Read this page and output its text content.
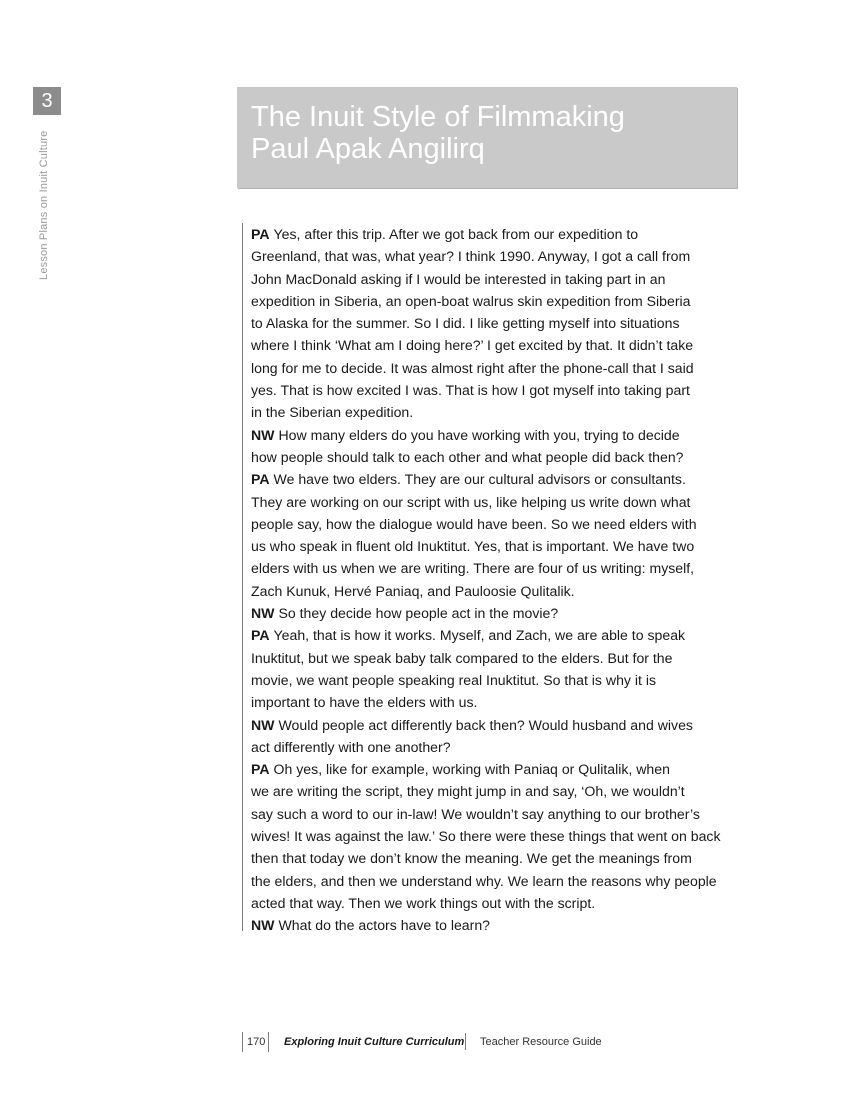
3
Lesson Plans on Inuit Culture
The Inuit Style of Filmmaking
Paul Apak Angilirq
PA Yes, after this trip. After we got back from our expedition to
Greenland, that was, what year? I think 1990. Anyway, I got a call from
John MacDonald asking if I would be interested in taking part in an
expedition in Siberia, an open-boat walrus skin expedition from Siberia
to Alaska for the summer. So I did. I like getting myself into situations
where I think ‘What am I doing here?’ I get excited by that. It didn’t take
long for me to decide. It was almost right after the phone-call that I said
yes. That is how excited I was. That is how I got myself into taking part
in the Siberian expedition.
NW How many elders do you have working with you, trying to decide
how people should talk to each other and what people did back then?
PA We have two elders. They are our cultural advisors or consultants.
They are working on our script with us, like helping us write down what
people say, how the dialogue would have been. So we need elders with
us who speak in fluent old Inuktitut. Yes, that is important. We have two
elders with us when we are writing. There are four of us writing: myself,
Zach Kunuk, Hervé Paniaq, and Pauloosie Qulitalik.
NW So they decide how people act in the movie?
PA Yeah, that is how it works. Myself, and Zach, we are able to speak
Inuktitut, but we speak baby talk compared to the elders. But for the
movie, we want people speaking real Inuktitut. So that is why it is
important to have the elders with us.
NW Would people act differently back then? Would husband and wives
act differently with one another?
PA Oh yes, like for example, working with Paniaq or Qulitalik, when
we are writing the script, they might jump in and say, ‘Oh, we wouldn’t
say such a word to our in-law! We wouldn’t say anything to our brother’s
wives! It was against the law.’ So there were these things that went on back
then that today we don’t know the meaning. We get the meanings from
the elders, and then we understand why. We learn the reasons why people
acted that way. Then we work things out with the script.
NW What do the actors have to learn?
170	Exploring Inuit Culture Curriculum Teacher Resource Guide
